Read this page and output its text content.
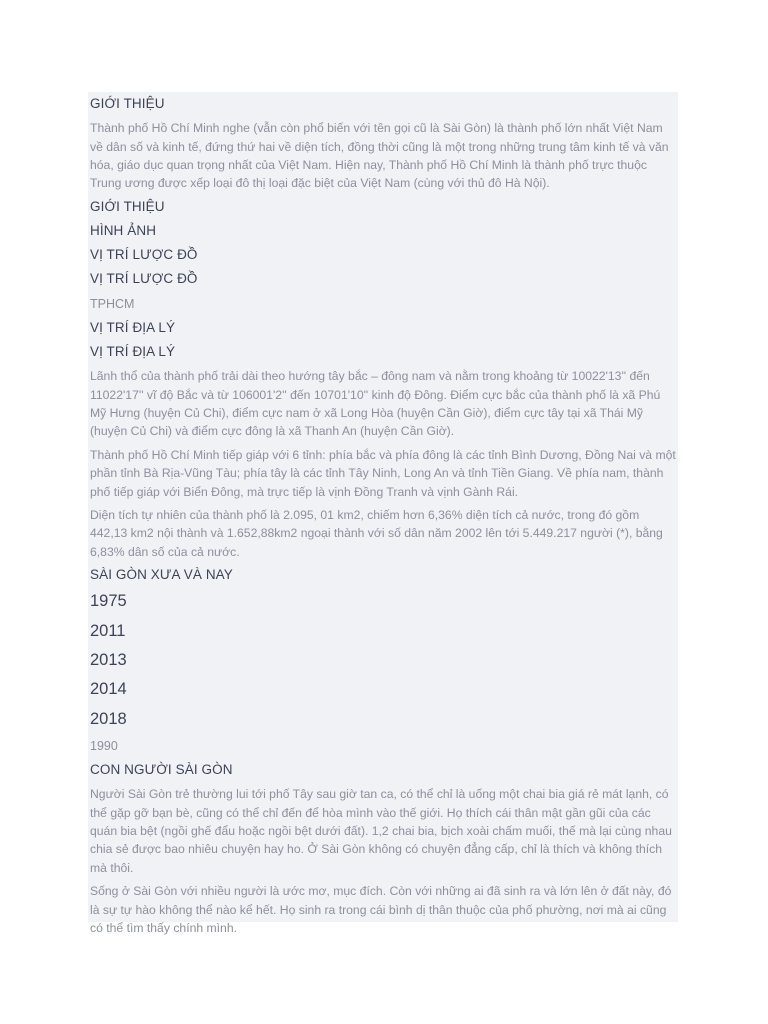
GIỚI THIỆU
Thành phố Hồ Chí Minh nghe (vẫn còn phổ biến với tên gọi cũ là Sài Gòn) là thành phố lớn nhất Việt Nam về dân số và kinh tế, đứng thứ hai về diện tích, đồng thời cũng là một trong những trung tâm kinh tế và văn hóa, giáo dục quan trọng nhất của Việt Nam. Hiện nay, Thành phố Hồ Chí Minh là thành phố trực thuộc Trung ương được xếp loại đô thị loại đặc biệt của Việt Nam (cùng với thủ đô Hà Nội).
GIỚI THIỆU
HÌNH ẢNH
VỊ TRÍ LƯỢC ĐỒ
VỊ TRÍ LƯỢC ĐỒ
TPHCM
VỊ TRÍ ĐỊA LÝ
VỊ TRÍ ĐỊA LÝ
Lãnh thổ của thành phố trải dài theo hướng tây bắc – đông nam và nằm trong khoảng từ 10022'13'' đến 11022'17'' vĩ độ Bắc và từ 106001'2'' đến 10701'10'' kinh độ Đông. Điểm cực bắc của thành phố là xã Phú Mỹ Hưng (huyện Củ Chi), điểm cực nam ở xã Long Hòa (huyện Cần Giờ), điểm cực tây tại xã Thái Mỹ (huyện Củ Chi) và điểm cực đông là xã Thanh An (huyện Cần Giờ).
Thành phố Hồ Chí Minh tiếp giáp với 6 tỉnh: phía bắc và phía đông là các tỉnh Bình Dương, Đồng Nai và một phần tỉnh Bà Rịa-Vũng Tàu; phía tây là các tỉnh Tây Ninh, Long An và tỉnh Tiền Giang. Về phía nam, thành phố tiếp giáp với Biển Đông, mà trực tiếp là vịnh Đồng Tranh và vịnh Gành Rái.
Diện tích tự nhiên của thành phố là 2.095, 01 km2, chiếm hơn 6,36% diện tích cả nước, trong đó gồm 442,13 km2 nội thành và 1.652,88km2 ngoại thành với số dân năm 2002 lên tới 5.449.217 người (*), bằng 6,83% dân số của cả nước.
SÀI GÒN XƯA VÀ NAY
1975
2011
2013
2014
2018
1990
CON NGƯỜI SÀI GÒN
Người Sài Gòn trẻ thường lui tới phố Tây sau giờ tan ca, có thể chỉ là uống một chai bia giá rẻ mát lạnh, có thể gặp gỡ bạn bè, cũng có thể chỉ đến để hòa mình vào thế giới. Họ thích cái thân mật gần gũi của các quán bia bệt (ngồi ghế đẩu hoặc ngồi bệt dưới đất). 1,2 chai bia, bịch xoài chấm muối, thế mà lại cùng nhau chia sẻ được bao nhiêu chuyện hay ho. Ở Sài Gòn không có chuyện đẳng cấp, chỉ là thích và không thích mà thôi.
Sống ở Sài Gòn với nhiều người là ước mơ, mục đích. Còn với những ai đã sinh ra và lớn lên ở đất này, đó là sự tự hào không thể nào kể hết. Họ sinh ra trong cái bình dị thân thuộc của phố phường, nơi mà ai cũng có thể tìm thấy chính mình.
